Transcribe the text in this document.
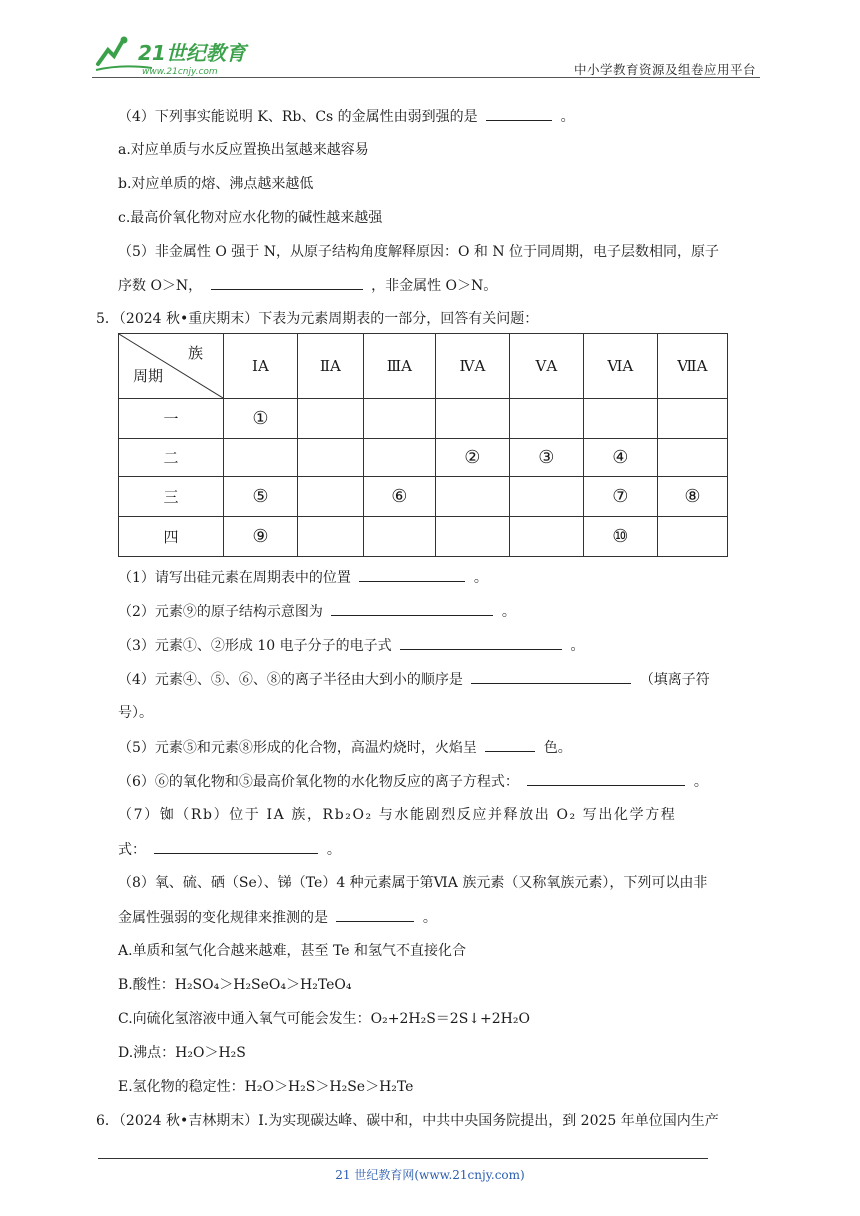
21世纪教育
www.21cnjy.com	中小学教育资源及组卷应用平台
（4）下列事实能说明 K、Rb、Cs 的金属性由弱到强的是	。
a.对应单质与水反应置换出氢越来越容易
b.对应单质的熔、沸点越来越低
c.最高价氧化物对应水化物的碱性越来越强
（5）非金属性 O 强于 N，从原子结构角度解释原因：O 和 N 位于同周期，电子层数相同，原子
序数 O＞N，	，非金属性 O＞N。
5．（2024 秋•重庆期末）下表为元素周期表的一部分，回答有关问题：
族
周期	ⅠA	ⅡA	ⅢA	ⅣA	ⅤA	ⅥA	ⅦA
一	①						
二				②	③	④	
三	⑤		⑥			⑦	⑧
四	⑨					⑩	
（1）请写出硅元素在周期表中的位置	。
（2）元素⑨的原子结构示意图为	。
（3）元素①、②形成 10 电子分子的电子式	。
（4）元素④、⑤、⑥、⑧的离子半径由大到小的顺序是	（填离子符
号）。
（5）元素⑤和元素⑧形成的化合物，高温灼烧时，火焰呈	色。
（6）⑥的氧化物和⑤最高价氧化物的水化物反应的离子方程式：	。
（7）铷（Rb）位于 IA 族，Rb₂O₂ 与水能剧烈反应并释放出 O₂ 写出化学方程
式：	。
（8）氧、硫、硒（Se）、锑（Te）4 种元素属于第ⅥA 族元素（又称氧族元素），下列可以由非
金属性强弱的变化规律来推测的是	。
A.单质和氢气化合越来越难，甚至 Te 和氢气不直接化合
B.酸性：H₂SO₄＞H₂SeO₄＞H₂TeO₄
C.向硫化氢溶液中通入氧气可能会发生：O₂+2H₂S＝2S↓+2H₂O
D.沸点：H₂O＞H₂S
E.氢化物的稳定性：H₂O＞H₂S＞H₂Se＞H₂Te
6．（2024 秋•吉林期末）Ⅰ.为实现碳达峰、碳中和，中共中央国务院提出，到 2025 年单位国内生产
21 世纪教育网(www.21cnjy.com)
